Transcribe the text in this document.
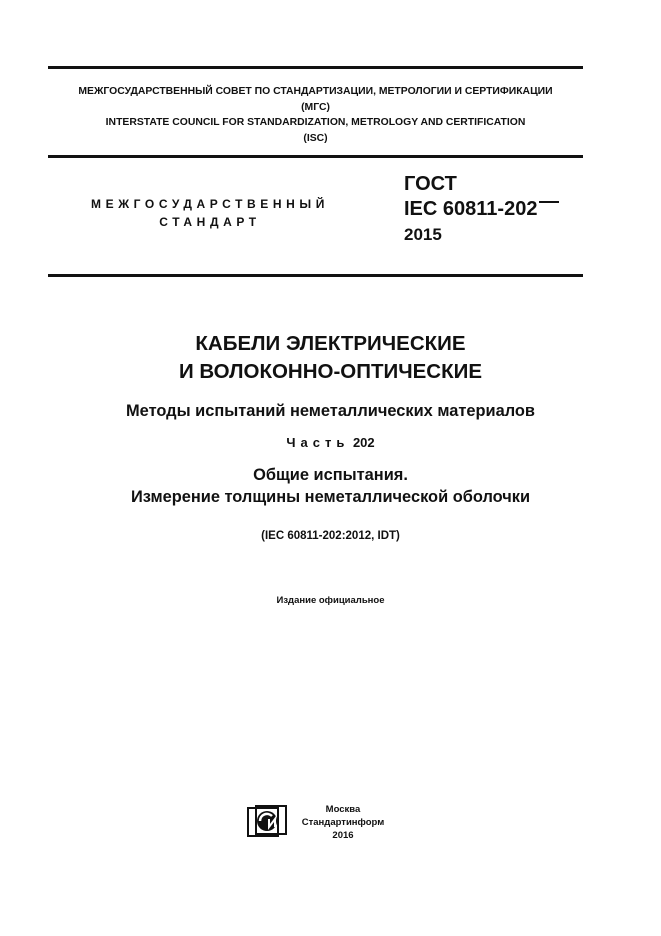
МЕЖГОСУДАРСТВЕННЫЙ СОВЕТ ПО СТАНДАРТИЗАЦИИ, МЕТРОЛОГИИ И СЕРТИФИКАЦИИ
(МГС)
INTERSTATE COUNCIL FOR STANDARDIZATION, METROLOGY AND CERTIFICATION
(ISC)
МЕЖГОСУДАРСТВЕННЫЙ
СТАНДАРТ
ГОСТ
IEC 60811-202
2015
КАБЕЛИ ЭЛЕКТРИЧЕСКИЕ
И ВОЛОКОННО-ОПТИЧЕСКИЕ
Методы испытаний неметаллических материалов
Часть 202
Общие испытания.
Измерение толщины неметаллической оболочки
(IEC 60811-202:2012, IDT)
Издание официальное
Москва
Стандартинформ
2016
